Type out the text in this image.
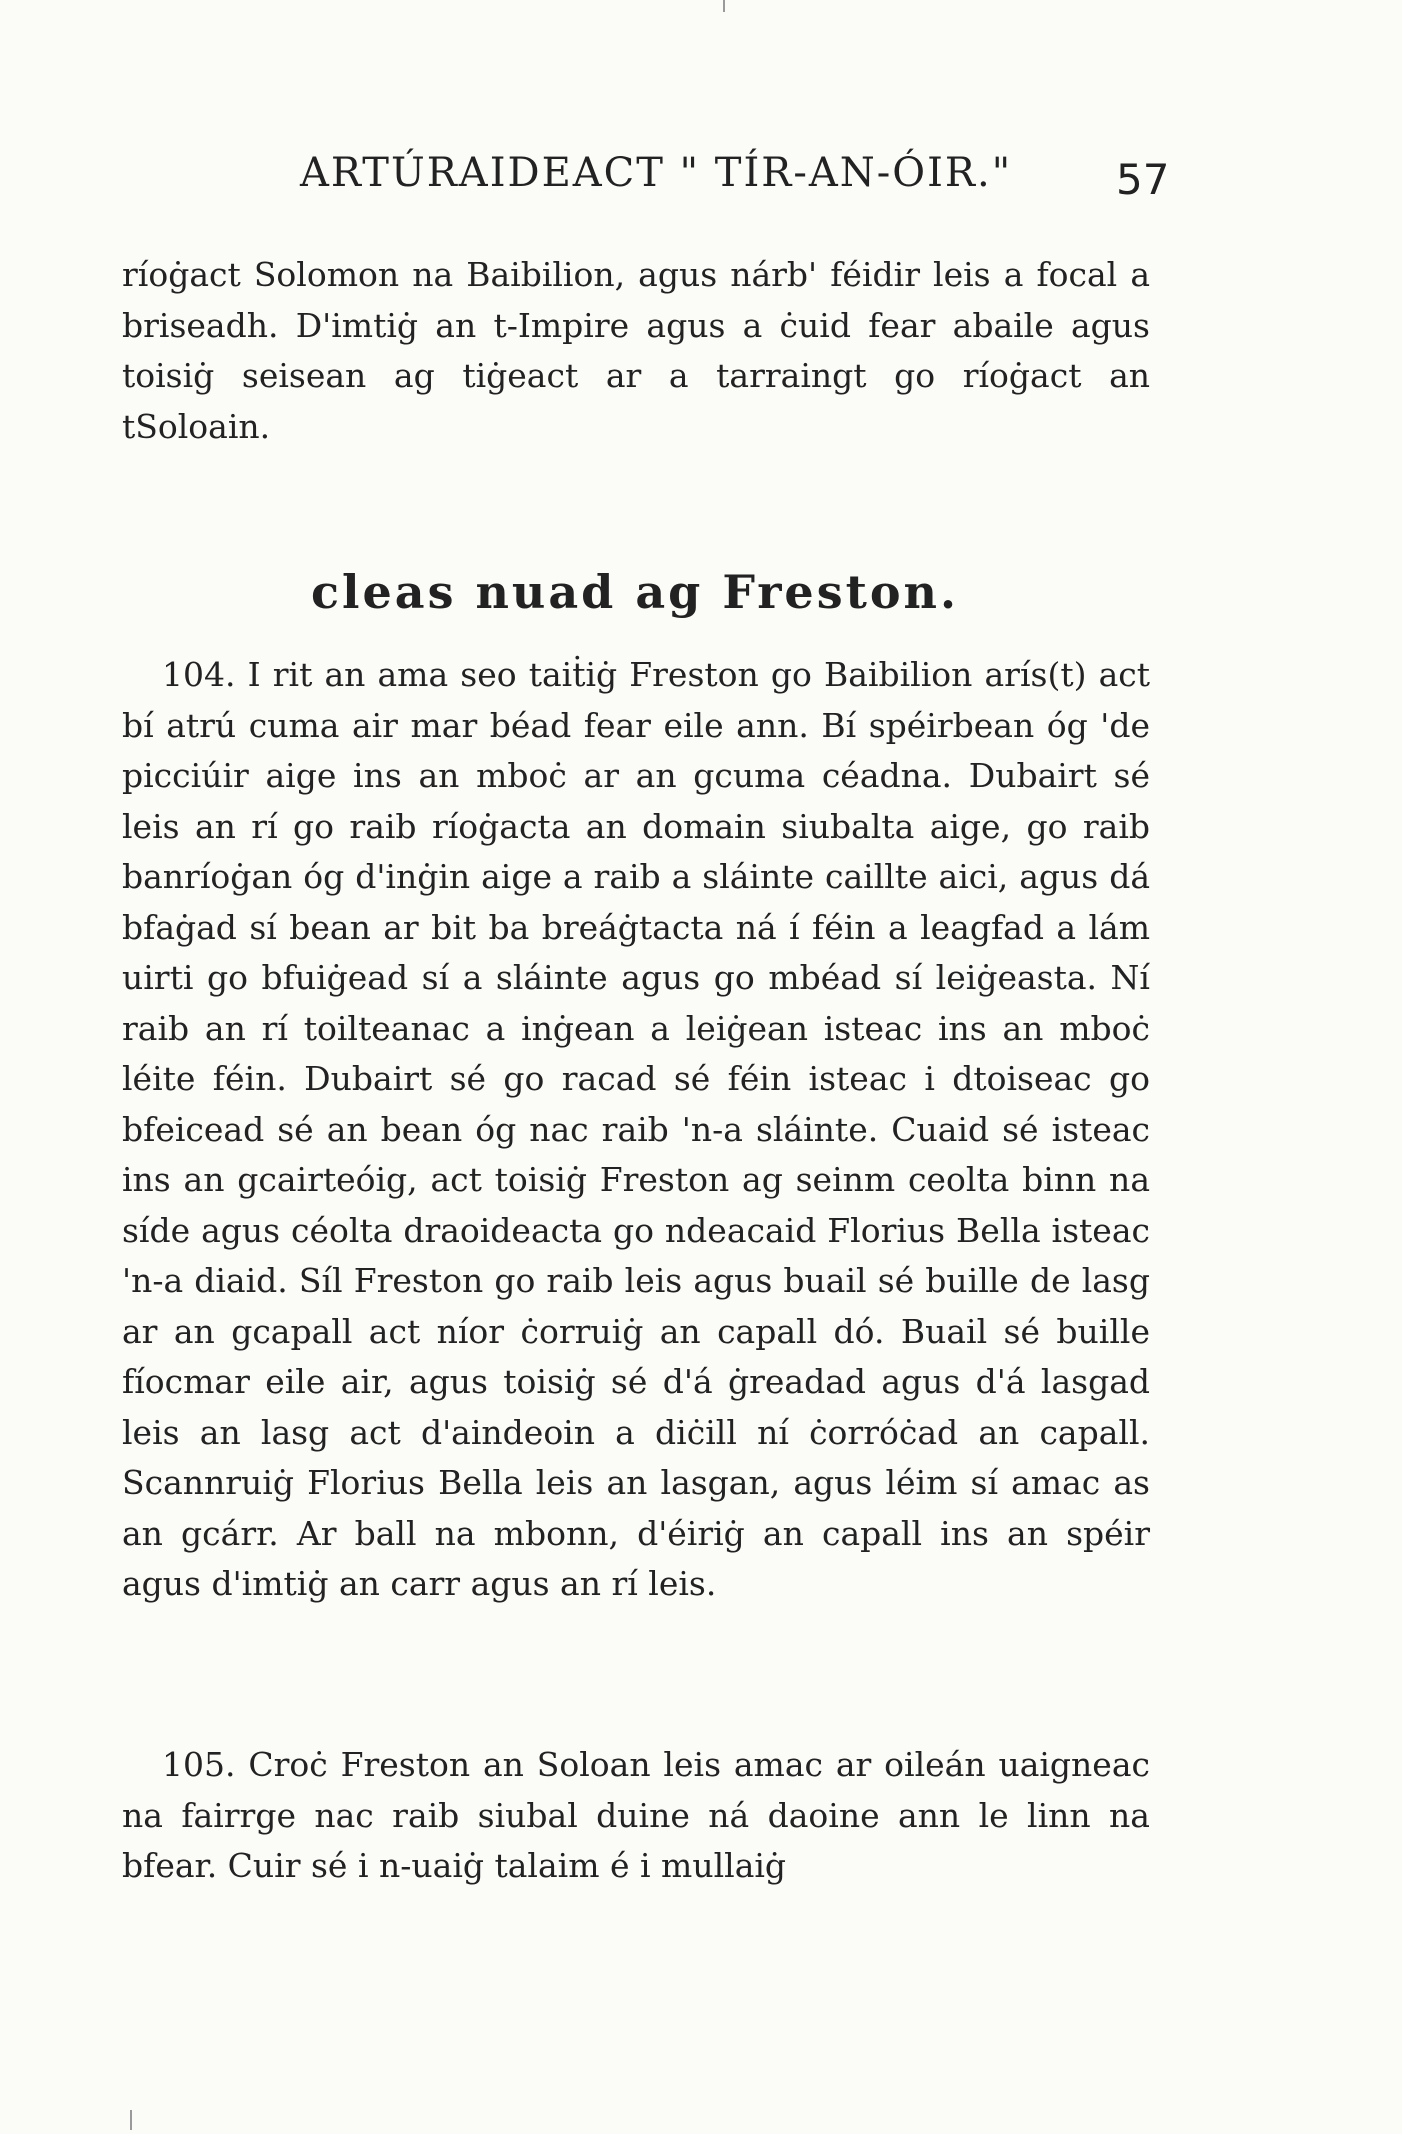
ARTÚRAIDEACT " TÍR-AN-ÓIR." 57

ríoġact Solomon na Baibilion, agus nárb' féidir leis a focal a briseadh. D'imtiġ an t-Impire agus a ċuid fear abaile agus toisiġ seisean ag tiġeact ar a tarraingt go ríoġact an tSoloain.

cleas nuad ag Freston.

104. I rit an ama seo taiṫiġ Freston go Baibilion arís(t) act bí atrú cuma air mar béad fear eile ann. Bí spéirbean óg 'de picciúir aige ins an mboċ ar an gcuma céadna. Dubairt sé leis an rí go raib ríoġacta an domain siubalta aige, go raib banríoġan óg d'inġin aige a raib a sláinte caillte aici, agus dá bfaġad sí bean ar bit ba breáġtacta ná í féin a leagfad a lám uirti go bfuiġead sí a sláinte agus go mbéad sí leiġeasta. Ní raib an rí toilteanac a inġean a leiġean isteac ins an mboċ léite féin. Dubairt sé go racad sé féin isteac i dtoiseac go bfeicead sé an bean óg nac raib 'n-a sláinte. Cuaid sé isteac ins an gcairteóig, act toisiġ Freston ag seinm ceolta binn na síde agus céolta draoideacta go ndeacaid Florius Bella isteac 'n-a diaid. Síl Freston go raib leis agus buail sé buille de lasg ar an gcapall act níor ċorruiġ an capall dó. Buail sé buille fíocmar eile air, agus toisiġ sé d'á ġreadad agus d'á lasgad leis an lasg act d'aindeoin a diċill ní ċorróċad an capall. Scannruiġ Florius Bella leis an lasgan, agus léim sí amac as an gcárr. Ar ball na mbonn, d'éiriġ an capall ins an spéir agus d'imtiġ an carr agus an rí leis.

105. Croċ Freston an Soloan leis amac ar oileán uaigneac na fairrge nac raib siubal duine ná daoine ann le linn na bfear. Cuir sé i n-uaiġ talaim é i mullaiġ
